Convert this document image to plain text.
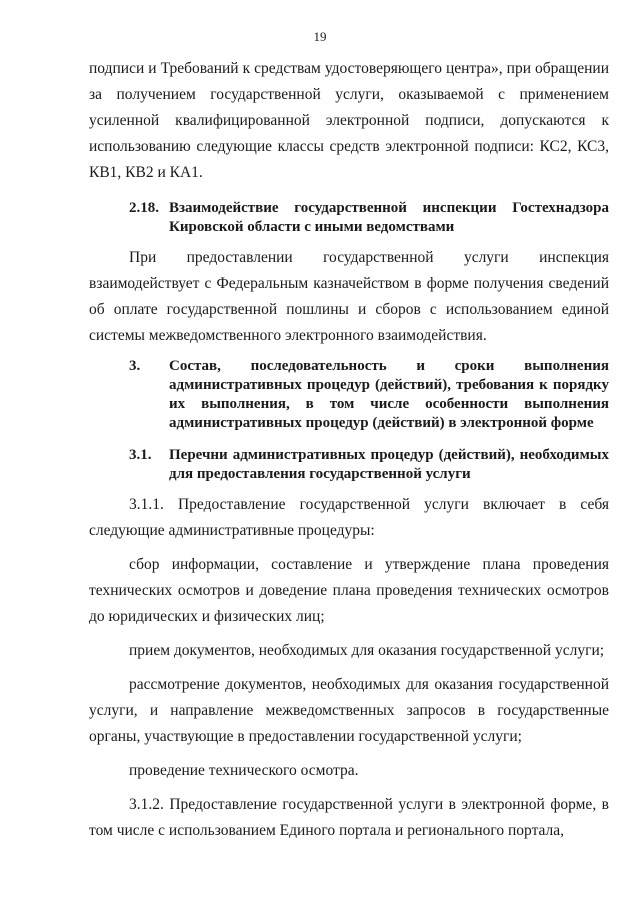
19

подписи и Требований к средствам удостоверяющего центра», при обращении за получением государственной услуги, оказываемой с применением усиленной квалифицированной электронной подписи, допускаются к использованию следующие классы средств электронной подписи: КС2, КС3, КВ1, КВ2 и КА1.

2.18. Взаимодействие государственной инспекции Гостехнадзора Кировской области с иными ведомствами

При предоставлении государственной услуги инспекция взаимодействует с Федеральным казначейством в форме получения сведений об оплате государственной пошлины и сборов с использованием единой системы межведомственного электронного взаимодействия.

3.	Состав, последовательность и сроки выполнения административных процедур (действий), требования к порядку их выполнения, в том числе особенности выполнения административных процедур (действий) в электронной форме
3.1.	Перечни административных процедур (действий), необходимых для предоставления государственной услуги

3.1.1. Предоставление государственной услуги включает в себя следующие административные процедуры:

сбор информации, составление и утверждение плана проведения технических осмотров и доведение плана проведения технических осмотров до юридических и физических лиц;

прием документов, необходимых для оказания государственной услуги;

рассмотрение документов, необходимых для оказания государственной услуги, и направление межведомственных запросов в государственные органы, участвующие в предоставлении государственной услуги;

проведение технического осмотра.

3.1.2. Предоставление государственной услуги в электронной форме, в том числе с использованием Единого портала и регионального портала,
